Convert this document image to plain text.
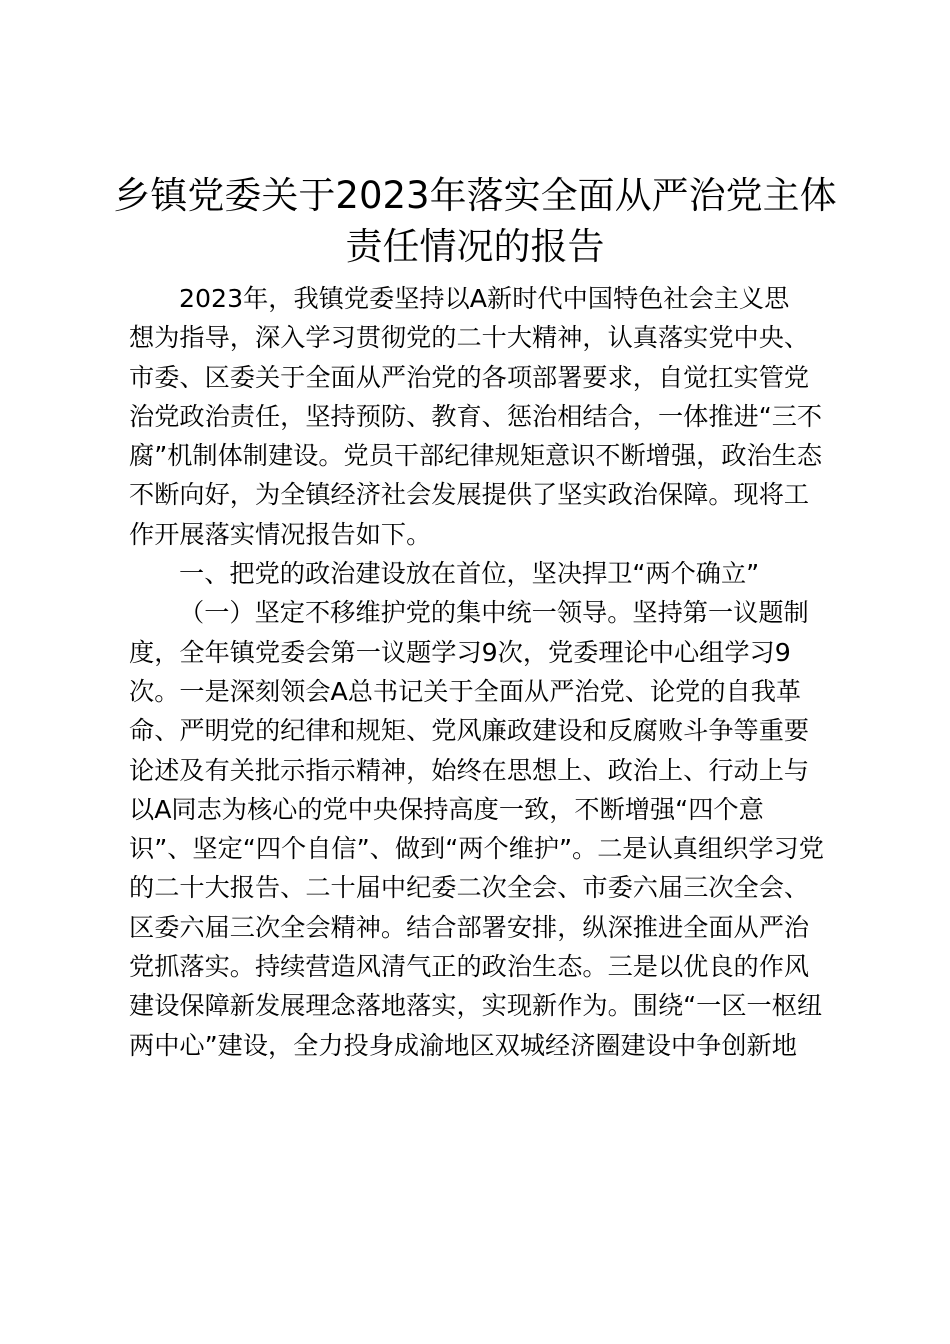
乡镇党委关于2023年落实全面从严治党主体
责任情况的报告
2023年，我镇党委坚持以A新时代中国特色社会主义思
想为指导，深入学习贯彻党的二十大精神，认真落实党中央、
市委、区委关于全面从严治党的各项部署要求，自觉扛实管党
治党政治责任，坚持预防、教育、惩治相结合，一体推进“三不
腐”机制体制建设。党员干部纪律规矩意识不断增强，政治生态
不断向好，为全镇经济社会发展提供了坚实政治保障。现将工
作开展落实情况报告如下。
一、把党的政治建设放在首位，坚决捍卫“两个确立”
（一）坚定不移维护党的集中统一领导。坚持第一议题制
度，全年镇党委会第一议题学习9次，党委理论中心组学习9
次。一是深刻领会A总书记关于全面从严治党、论党的自我革
命、严明党的纪律和规矩、党风廉政建设和反腐败斗争等重要
论述及有关批示指示精神，始终在思想上、政治上、行动上与
以A同志为核心的党中央保持高度一致，不断增强“四个意
识”、坚定“四个自信”、做到“两个维护”。二是认真组织学习党
的二十大报告、二十届中纪委二次全会、市委六届三次全会、
区委六届三次全会精神。结合部署安排，纵深推进全面从严治
党抓落实。持续营造风清气正的政治生态。三是以优良的作风
建设保障新发展理念落地落实，实现新作为。围绕“一区一枢纽
两中心”建设，全力投身成渝地区双城经济圈建设中争创新地
